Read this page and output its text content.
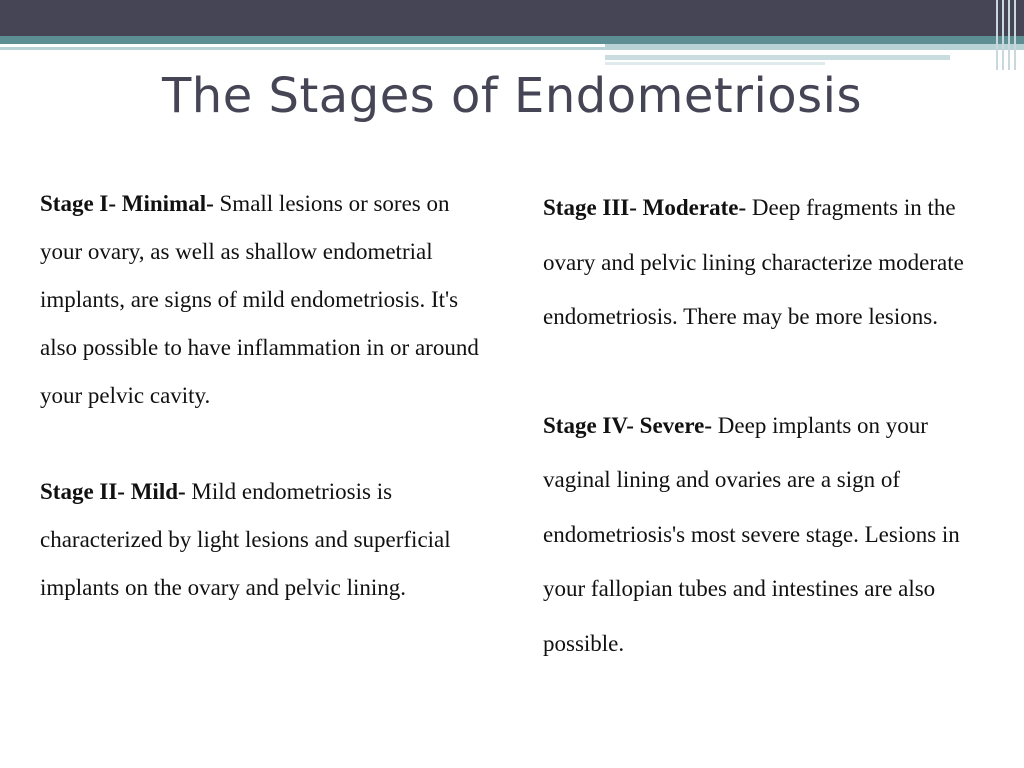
The Stages of Endometriosis

Stage I- Minimal- Small lesions or sores on your ovary, as well as shallow endometrial implants, are signs of mild endometriosis. It's also possible to have inflammation in or around your pelvic cavity.

Stage II- Mild- Mild endometriosis is characterized by light lesions and superficial implants on the ovary and pelvic lining.

Stage III- Moderate- Deep fragments in the ovary and pelvic lining characterize moderate endometriosis. There may be more lesions.

Stage IV- Severe- Deep implants on your vaginal lining and ovaries are a sign of endometriosis's most severe stage. Lesions in your fallopian tubes and intestines are also possible.
